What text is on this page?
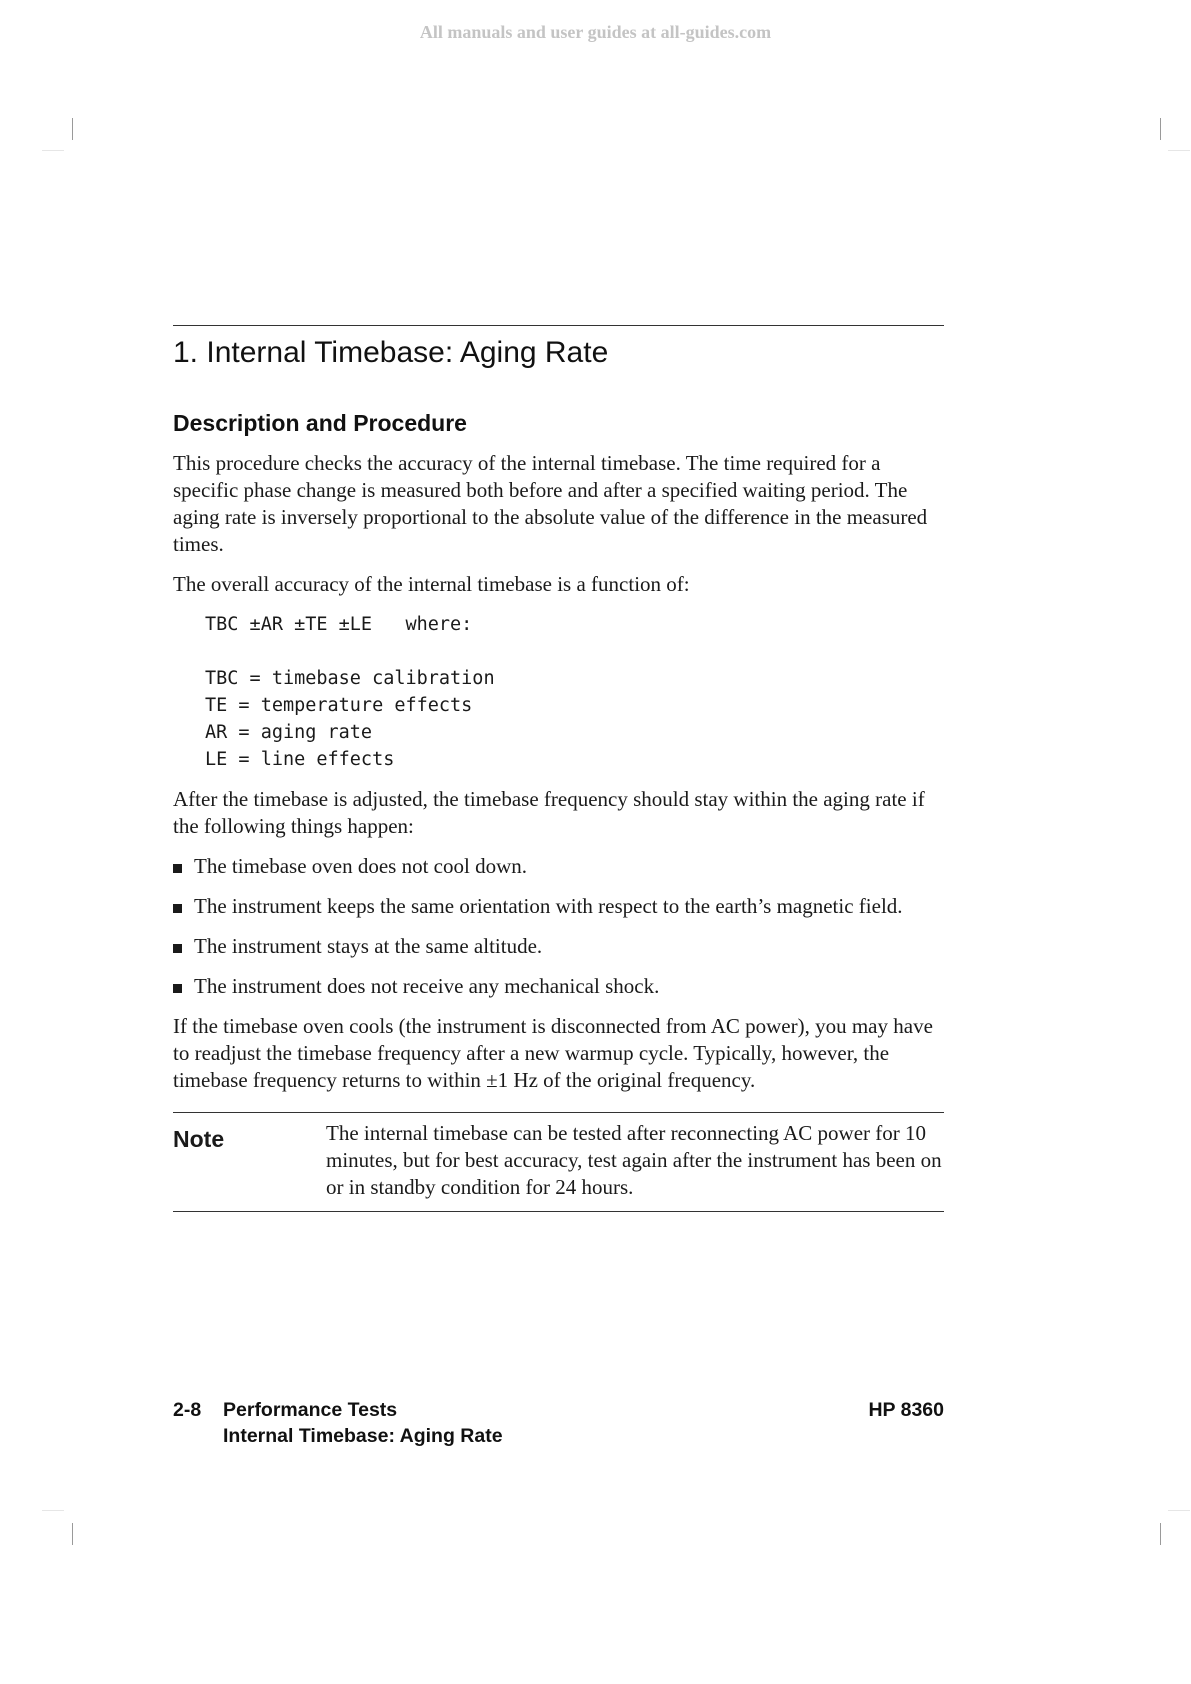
All manuals and user guides at all-guides.com
1. Internal Timebase: Aging Rate
Description and Procedure

This procedure checks the accuracy of the internal timebase. The time required for a specific phase change is measured both before and after a specified waiting period. The aging rate is inversely proportional to the absolute value of the difference in the measured times.

The overall accuracy of the internal timebase is a function of:

TBC ±AR ±TE ±LE   where:
TBC = timebase calibration
TE = temperature effects
AR = aging rate
LE = line effects

After the timebase is adjusted, the timebase frequency should stay within the aging rate if the following things happen:

The timebase oven does not cool down.
The instrument keeps the same orientation with respect to the earth’s magnetic field.
The instrument stays at the same altitude.
The instrument does not receive any mechanical shock.

If the timebase oven cools (the instrument is disconnected from AC power), you may have to readjust the timebase frequency after a new warmup cycle. Typically, however, the timebase frequency returns to within ±1 Hz of the original frequency.

Note	The internal timebase can be tested after reconnecting AC power for 10 minutes, but for best accuracy, test again after the instrument has been on or in standby condition for 24 hours.
2-8 Performance Tests	HP 8360
Internal Timebase: Aging Rate
